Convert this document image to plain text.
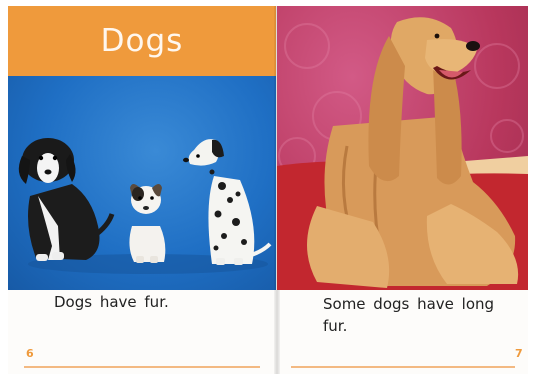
Dogs
Dogs have fur.
6
Some dogs have long fur.
7
